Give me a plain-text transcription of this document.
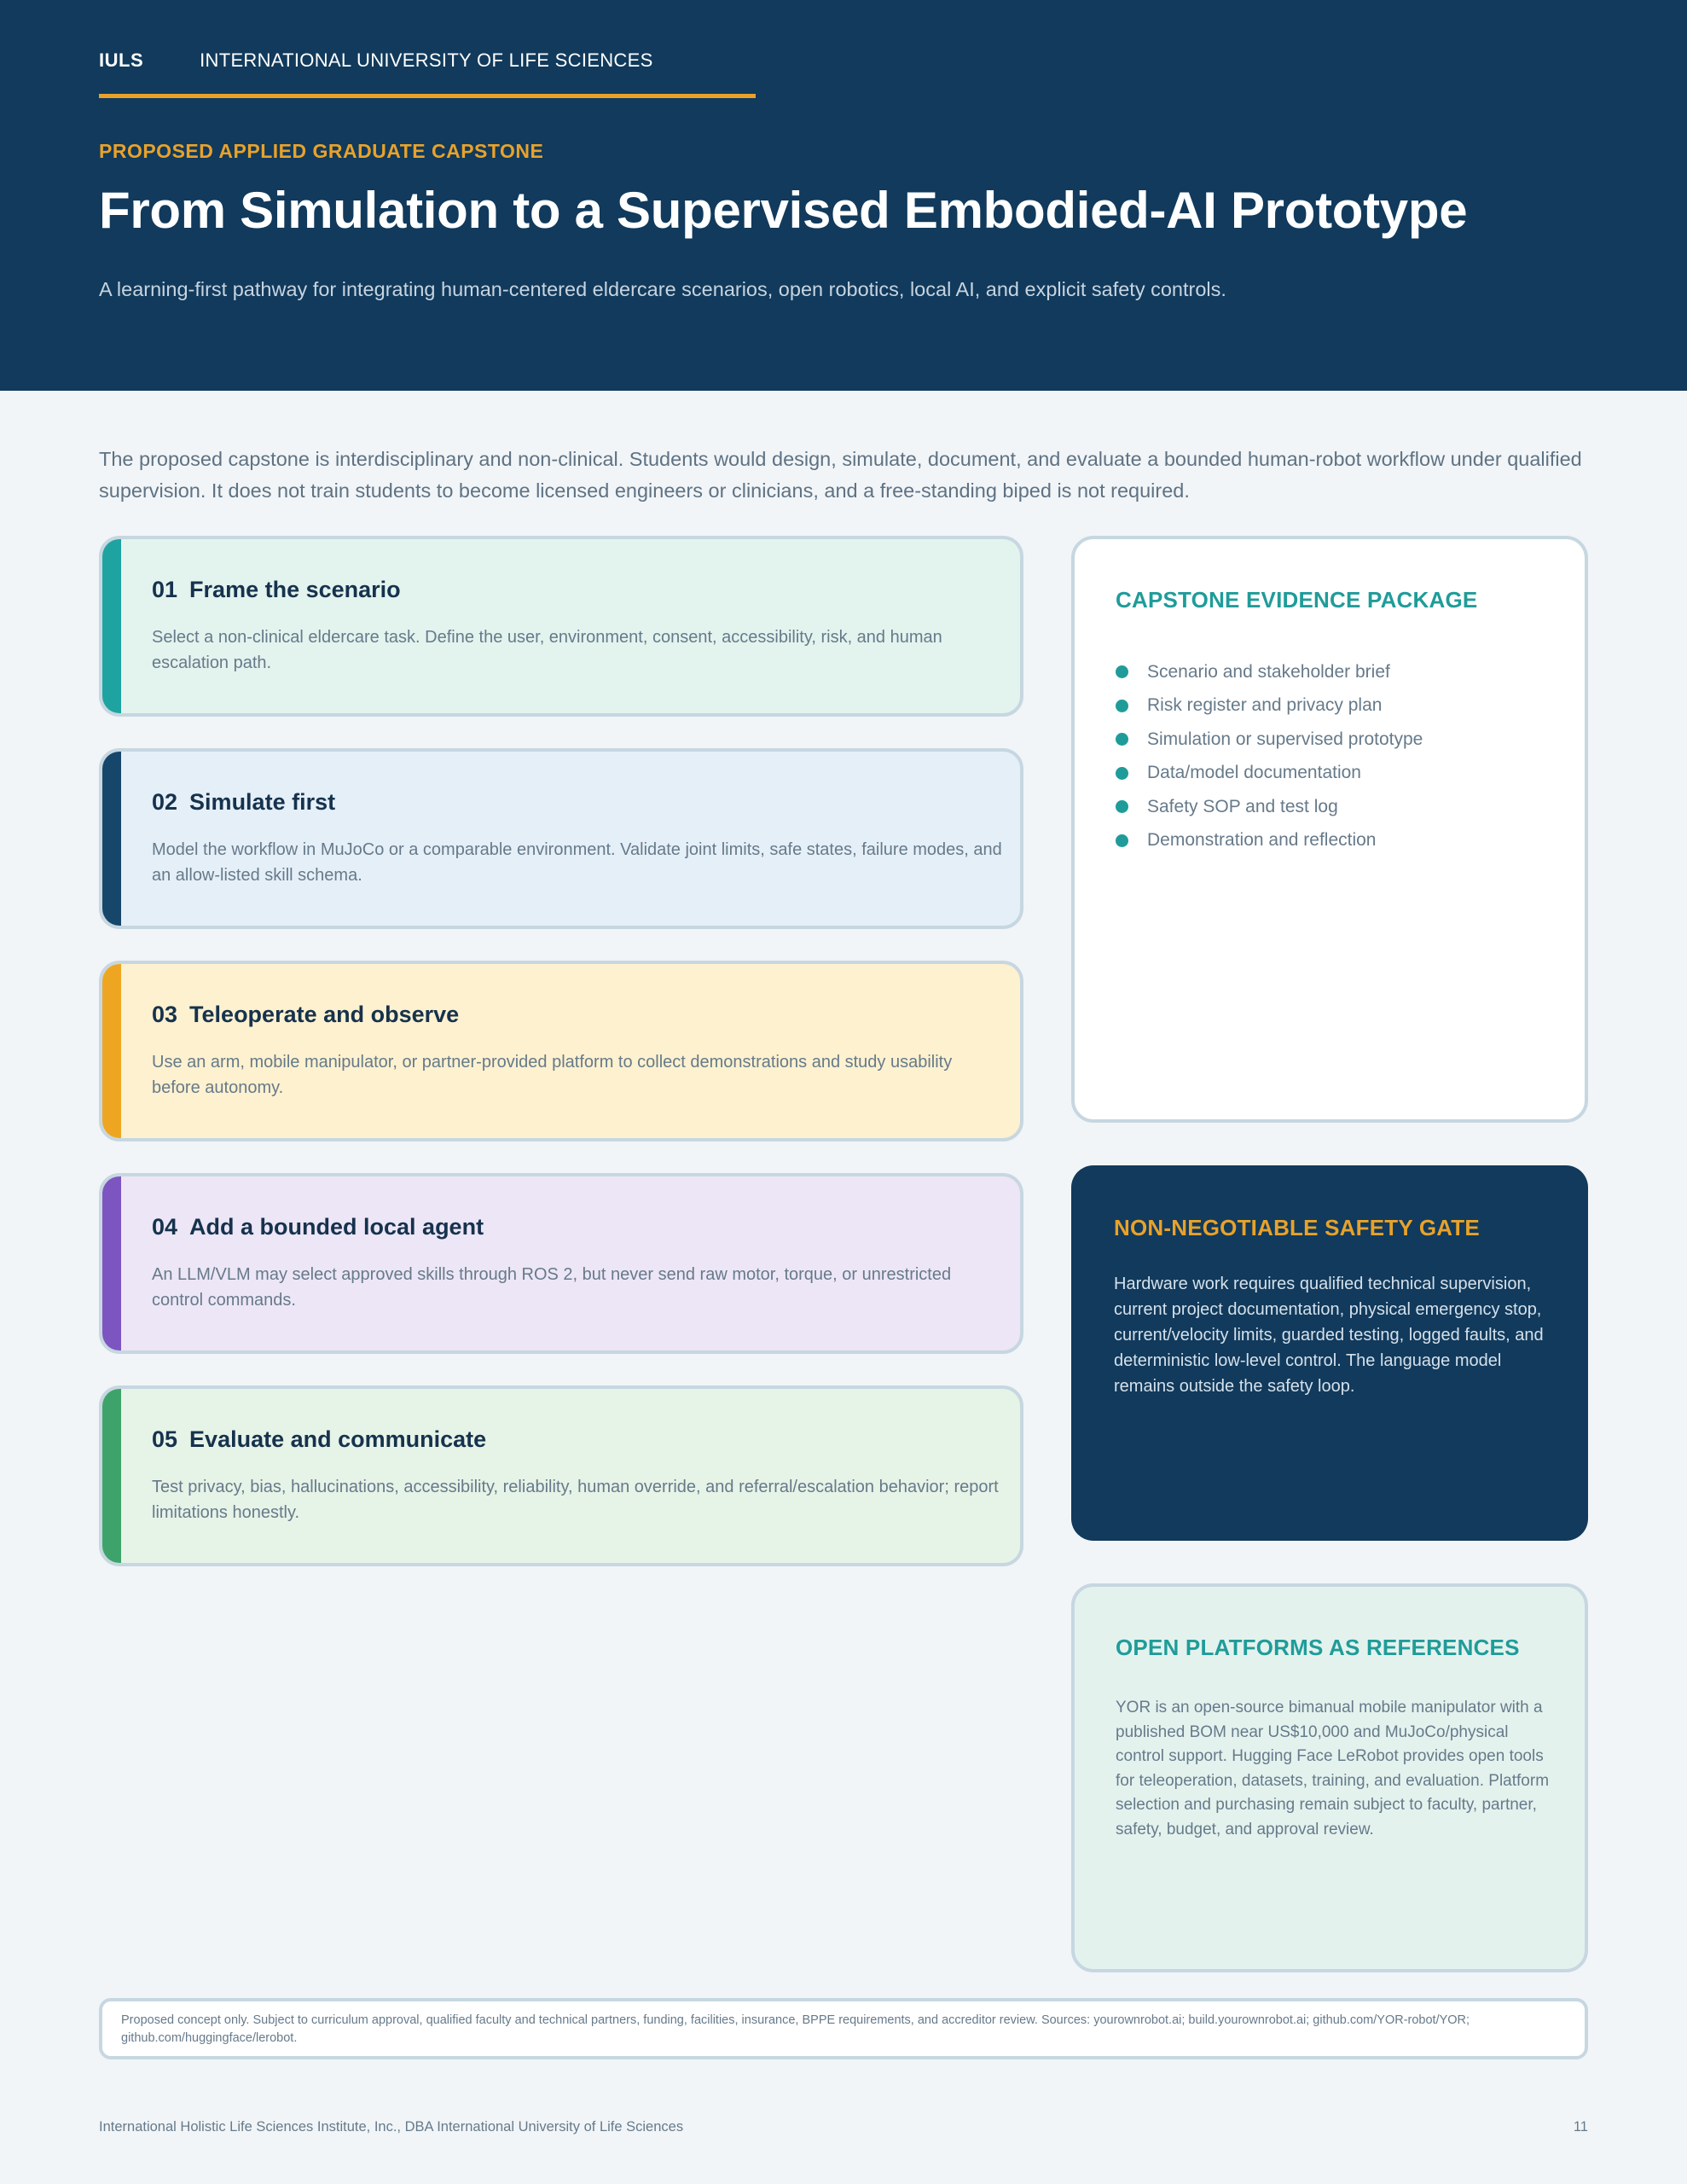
IULS	INTERNATIONAL UNIVERSITY OF LIFE SCIENCES
PROPOSED APPLIED GRADUATE CAPSTONE
From Simulation to a Supervised Embodied-AI Prototype
A learning-first pathway for integrating human-centered eldercare scenarios, open robotics, local AI, and explicit safety controls.

The proposed capstone is interdisciplinary and non-clinical. Students would design, simulate, document, and evaluate a bounded human-robot workflow under qualified supervision. It does not train students to become licensed engineers or clinicians, and a free-standing biped is not required.

01 Frame the scenario
Select a non-clinical eldercare task. Define the user, environment, consent, accessibility, risk, and human escalation path.
02 Simulate first
Model the workflow in MuJoCo or a comparable environment. Validate joint limits, safe states, failure modes, and an allow-listed skill schema.
03 Teleoperate and observe
Use an arm, mobile manipulator, or partner-provided platform to collect demonstrations and study usability before autonomy.
04 Add a bounded local agent
An LLM/VLM may select approved skills through ROS 2, but never send raw motor, torque, or unrestricted control commands.
05 Evaluate and communicate
Test privacy, bias, hallucinations, accessibility, reliability, human override, and referral/escalation behavior; report limitations honestly.
CAPSTONE EVIDENCE PACKAGE
Scenario and stakeholder brief
Risk register and privacy plan
Simulation or supervised prototype
Data/model documentation
Safety SOP and test log
Demonstration and reflection
NON-NEGOTIABLE SAFETY GATE
Hardware work requires qualified technical supervision, current project documentation, physical emergency stop, current/velocity limits, guarded testing, logged faults, and deterministic low-level control. The language model remains outside the safety loop.
OPEN PLATFORMS AS REFERENCES
YOR is an open-source bimanual mobile manipulator with a published BOM near US$10,000 and MuJoCo/physical control support. Hugging Face LeRobot provides open tools for teleoperation, datasets, training, and evaluation. Platform selection and purchasing remain subject to faculty, partner, safety, budget, and approval review.
Proposed concept only. Subject to curriculum approval, qualified faculty and technical partners, funding, facilities, insurance, BPPE requirements, and accreditor review. Sources: yourownrobot.ai; build.yourownrobot.ai; github.com/YOR-robot/YOR; github.com/huggingface/lerobot.
International Holistic Life Sciences Institute, Inc., DBA International University of Life Sciences	11
